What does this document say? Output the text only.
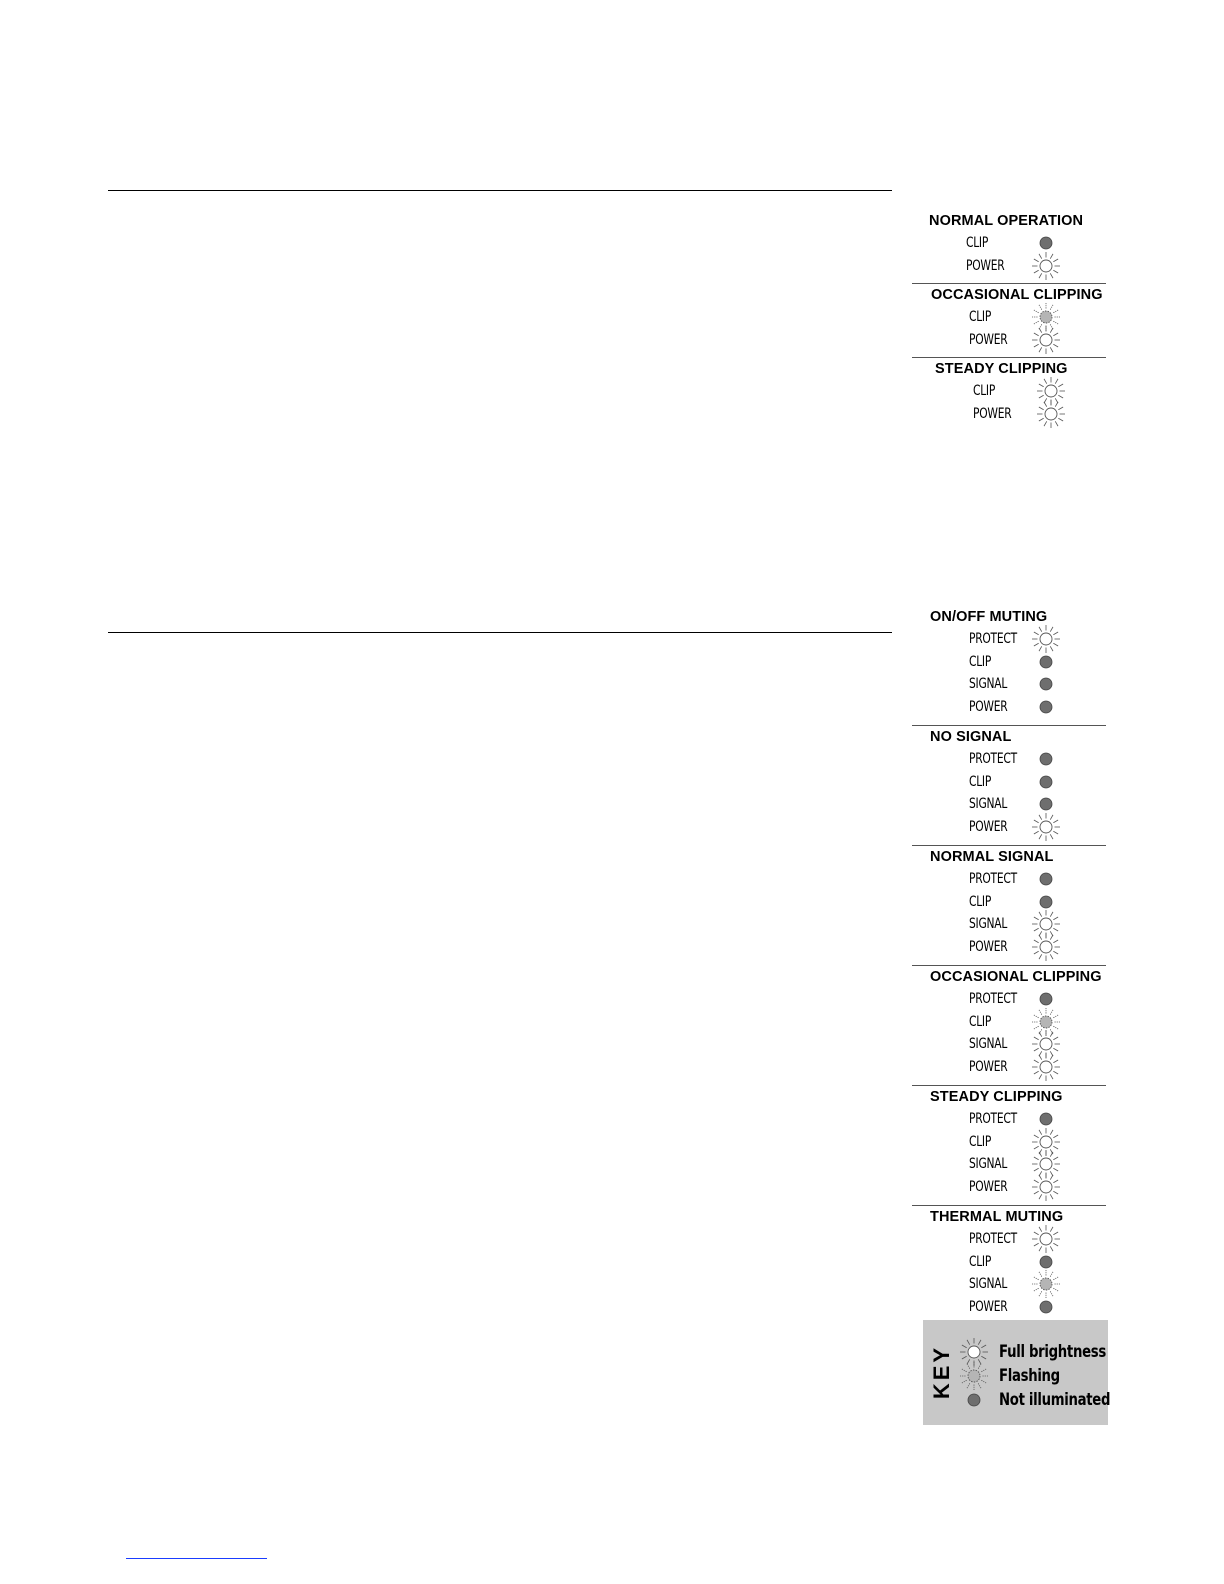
NORMAL OPERATION
CLIP
POWER
OCCASIONAL CLIPPING
CLIP
POWER
STEADY CLIPPING
CLIP
POWER
ON/OFF MUTING
PROTECT
CLIP
SIGNAL
POWER
NO SIGNAL
PROTECT
CLIP
SIGNAL
POWER
NORMAL SIGNAL
PROTECT
CLIP
SIGNAL
POWER
OCCASIONAL CLIPPING
PROTECT
CLIP
SIGNAL
POWER
STEADY CLIPPING
PROTECT
CLIP
SIGNAL
POWER
THERMAL MUTING
PROTECT
CLIP
SIGNAL
POWER
KEY	Full brightness
Flashing
Not illuminated
